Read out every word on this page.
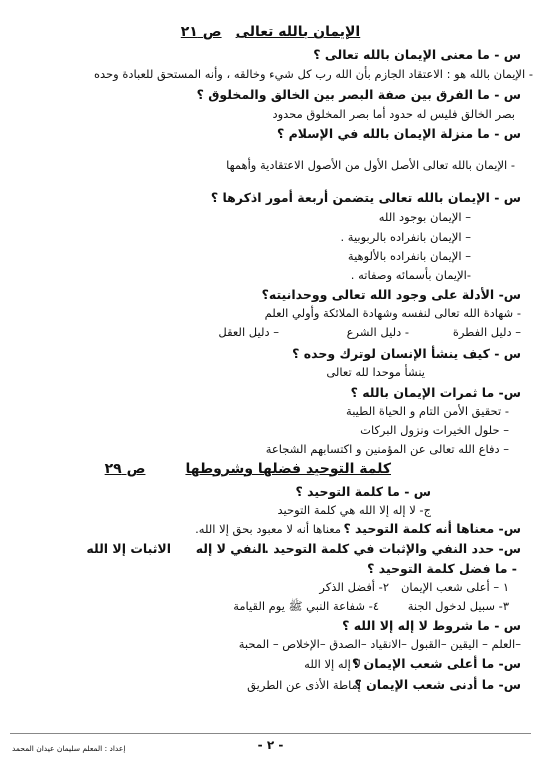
الإيمان بالله تعالىص ٢١
س - ما معنى الإيمان بالله تعالى ؟
- الإيمان بالله هو : الاعتقاد الجازم بأن الله رب كل شيء وخالقه ، وأنه المستحق للعبادة وحده
س - ما الفرق بين صفة البصر بين الخالق والمخلوق ؟
بصر الخالق فليس له حدود أما بصر المخلوق محدود
س - ما منزلة الإيمان بالله في الإسلام ؟
- الإيمان بالله تعالى الأصل الأول من الأصول الاعتقادية وأهمها
س - الإيمان بالله تعالى يتضمن أربعة أمور اذكرها ؟
– الإيمان بوجود الله
– الإيمان بانفراده بالربوبية .
– الإيمان بانفراده بالألوهية
-الإيمان بأسمائه وصفاته .
س- الأدلة على وجود الله تعالى ووحدانيته؟
- شهادة الله تعالى لنفسه وشهادة الملائكة وأولي العلم
– دليل الفطرة- دليل الشرع– دليل العقل
س - كيف ينشأ الإنسان لوترك وحده ؟
ينشأ موحدا لله تعالى
س- ما ثمرات الإيمان بالله ؟
- تحقيق الأمن التام و الحياة الطيبة
– حلول الخيرات ونزول البركات
– دفاع الله تعالى عن المؤمنين و اكتسابهم الشجاعة
كلمة التوحيد فضلها وشروطهاص ٢٩
س - ما كلمة التوحيد ؟
ج- لا إله إلا الله هي كلمة التوحيد
س- معناها أنه كلمة التوحيد ؟معناها أنه لا معبود بحق إلا الله.
س- حدد النفي والإثبات في كلمة التوحيد .النفي لا إلهالاثبات إلا الله
- ما فضل كلمة التوحيد ؟
١ – أعلى شعب الإيمان٢- أفضل الذكر
٣- سبيل لدخول الجنة٤- شفاعة النبي ﷺ يوم القيامة
س - ما شروط لا إله إلا الله ؟
–العلم – اليقين –القبول –الانقياد –الصدق –الإخلاص – المحبة
س- ما أعلى شعب الإيمان ؟لا إله إلا الله
س- ما أدنى شعب الإيمان ؟إماطة الأذى عن الطريق
- ٢ -
إعداد : المعلم سليمان عيدان المحمد
